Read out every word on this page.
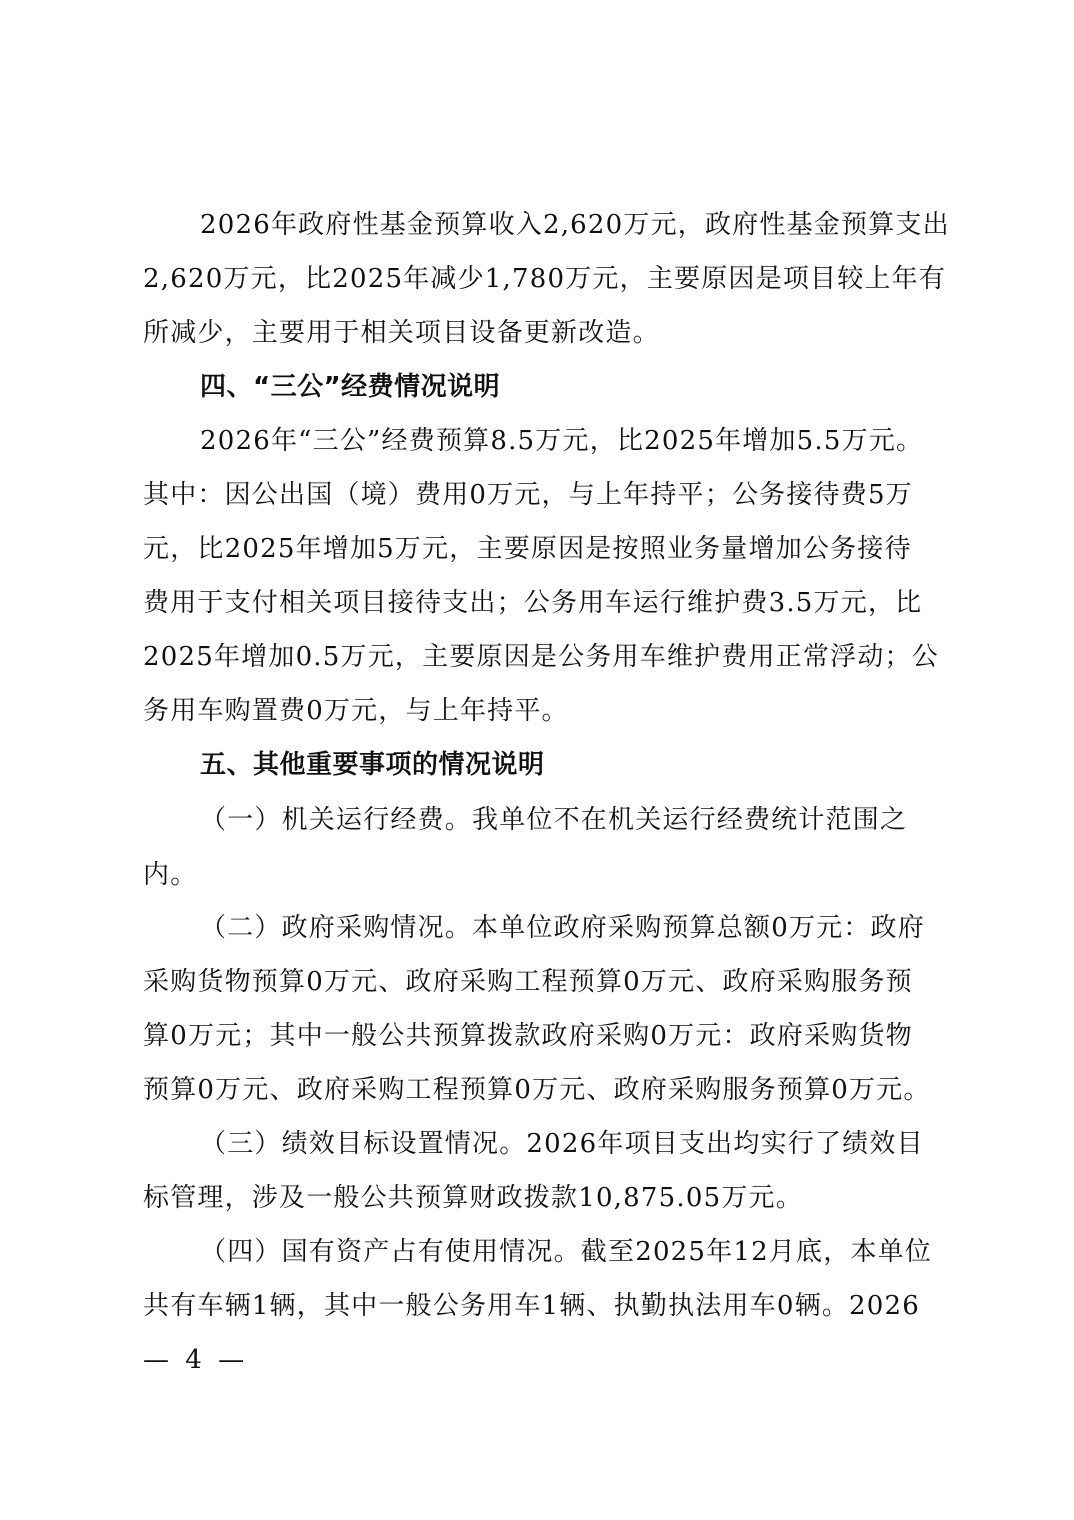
2026年政府性基金预算收入2,620万元，政府性基金预算支出
2,620万元，比2025年减少1,780万元，主要原因是项目较上年有
所减少，主要用于相关项目设备更新改造。
四、“三公”经费情况说明
2026年“三公”经费预算8.5万元，比2025年增加5.5万元。
其中：因公出国（境）费用0万元，与上年持平；公务接待费5万
元，比2025年增加5万元，主要原因是按照业务量增加公务接待
费用于支付相关项目接待支出；公务用车运行维护费3.5万元，比
2025年增加0.5万元，主要原因是公务用车维护费用正常浮动；公
务用车购置费0万元，与上年持平。
五、其他重要事项的情况说明
（一）机关运行经费。我单位不在机关运行经费统计范围之
内。
（二）政府采购情况。本单位政府采购预算总额0万元：政府
采购货物预算0万元、政府采购工程预算0万元、政府采购服务预
算0万元；其中一般公共预算拨款政府采购0万元：政府采购货物
预算0万元、政府采购工程预算0万元、政府采购服务预算0万元。
（三）绩效目标设置情况。2026年项目支出均实行了绩效目
标管理，涉及一般公共预算财政拨款10,875.05万元。
（四）国有资产占有使用情况。截至2025年12月底，本单位
共有车辆1辆，其中一般公务用车1辆、执勤执法用车0辆。2026
— 4 —
